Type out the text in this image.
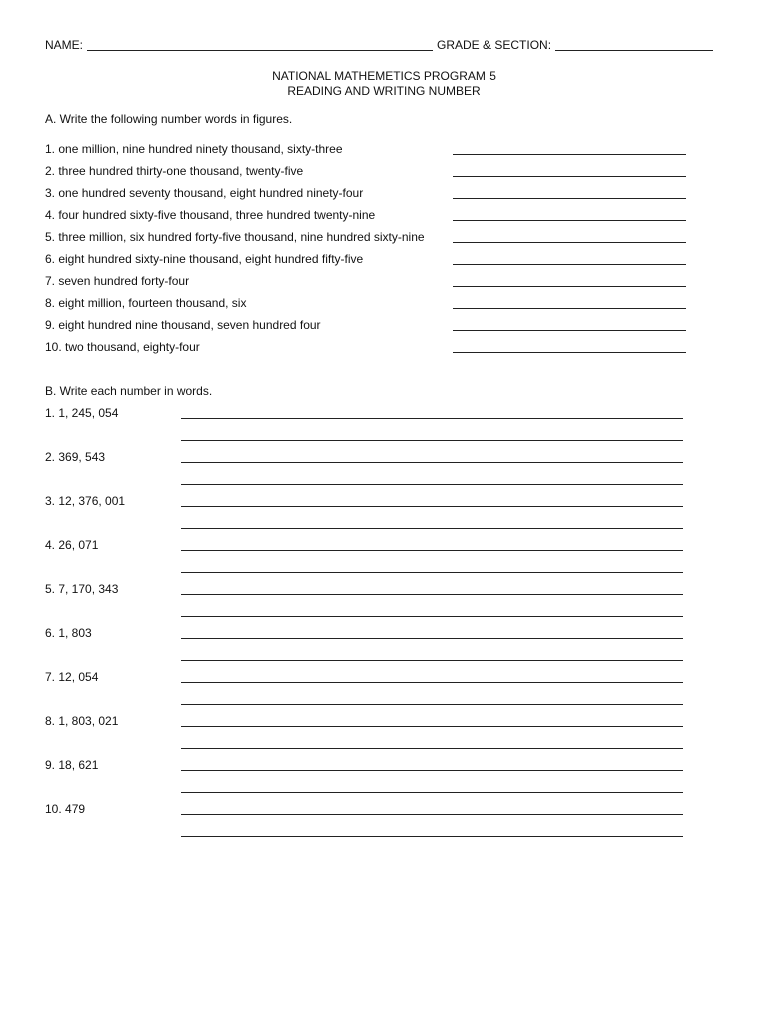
NAME:	GRADE & SECTION:
NATIONAL MATHEMETICS PROGRAM 5
READING AND WRITING NUMBER
A. Write the following number words in figures.
1. one million, nine hundred ninety thousand, sixty-three
2. three hundred thirty-one thousand, twenty-five
3. one hundred seventy thousand, eight hundred ninety-four
4. four hundred sixty-five thousand, three hundred twenty-nine
5. three million, six hundred forty-five thousand, nine hundred sixty-nine
6. eight hundred sixty-nine thousand, eight hundred fifty-five
7. seven hundred forty-four
8. eight million, fourteen thousand, six
9. eight hundred nine thousand, seven hundred four
10. two thousand, eighty-four
B. Write each number in words.
1. 1, 245, 054
2. 369, 543
3. 12, 376, 001
4. 26, 071
5. 7, 170, 343
6. 1, 803
7. 12, 054
8. 1, 803, 021
9. 18, 621
10. 479
